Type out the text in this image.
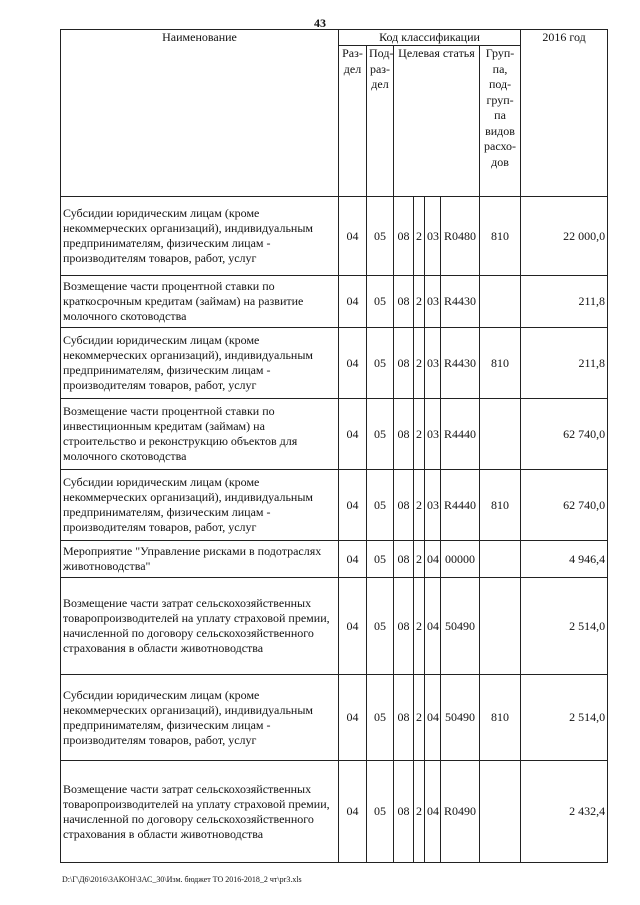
43
Наименование	Код классификации							2016 год
	Раз-дел	Под-раз-дел	Целевая статья				Груп-па, под-груп-па видов расхо-дов	
Субсидии юридическим лицам (кроме некоммерческих организаций), индивидуальным предпринимателям, физическим лицам - производителям товаров, работ, услуг	04	05	08	2	03	R0480	810	22 000,0
Возмещение части процентной ставки по краткосрочным кредитам (займам) на развитие молочного скотоводства	04	05	08	2	03	R4430		211,8
Субсидии юридическим лицам (кроме некоммерческих организаций), индивидуальным предпринимателям, физическим лицам - производителям товаров, работ, услуг	04	05	08	2	03	R4430	810	211,8
Возмещение части процентной ставки по инвестиционным кредитам (займам) на строительство и реконструкцию объектов для молочного скотоводства	04	05	08	2	03	R4440		62 740,0
Субсидии юридическим лицам (кроме некоммерческих организаций), индивидуальным предпринимателям, физическим лицам - производителям товаров, работ, услуг	04	05	08	2	03	R4440	810	62 740,0
Мероприятие "Управление рисками в подотраслях животноводства"	04	05	08	2	04	00000		4 946,4
Возмещение части затрат сельскохозяйственных товаропроизводителей на уплату страховой премии, начисленной по договору сельскохозяйственного страхования в области животноводства	04	05	08	2	04	50490		2 514,0
Субсидии юридическим лицам (кроме некоммерческих организаций), индивидуальным предпринимателям, физическим лицам - производителям товаров, работ, услуг	04	05	08	2	04	50490	810	2 514,0
Возмещение части затрат сельскохозяйственных товаропроизводителей на уплату страховой премии, начисленной по договору сельскохозяйственного страхования в области животноводства	04	05	08	2	04	R0490		2 432,4
D:\Г\Д6\2016\ЗАКОН\ЗАС_30\Изм. бюджет ТО 2016-2018_2 чт\pr3.xls
